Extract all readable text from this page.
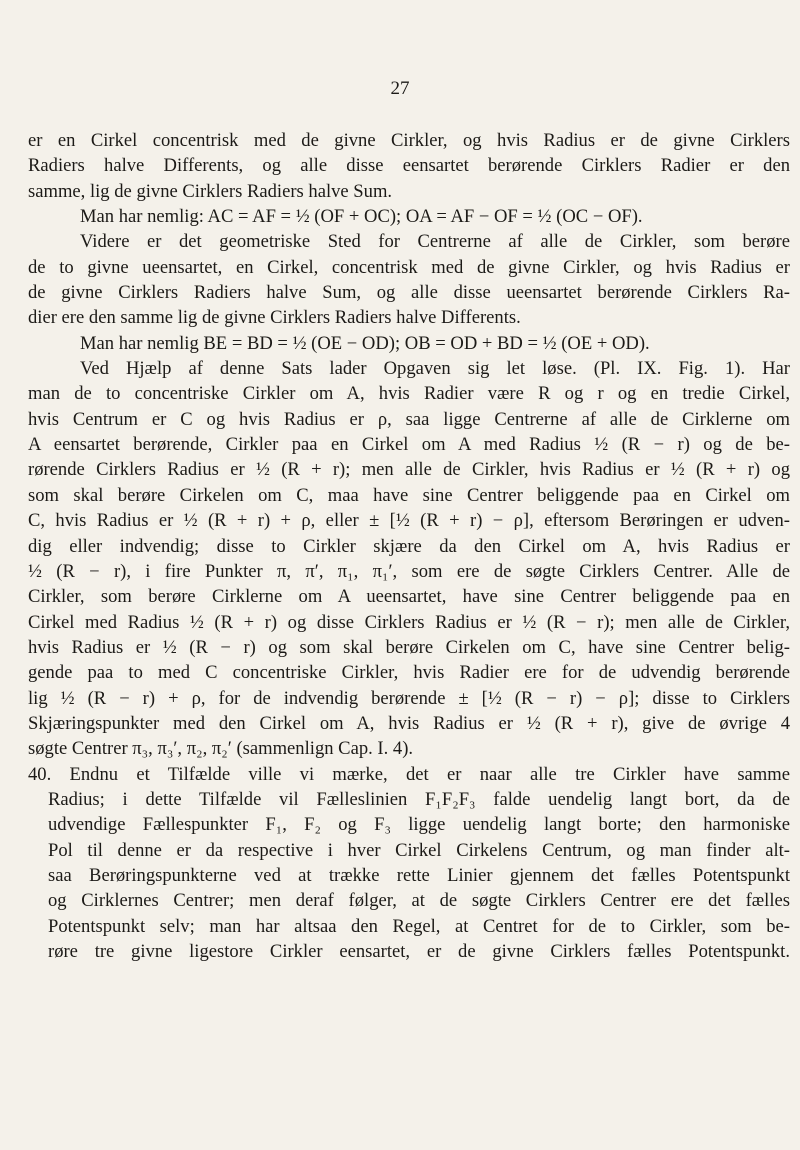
27
er en Cirkel concentrisk med de givne Cirkler, og hvis Radius er de givne Cirklers
Radiers halve Differents, og alle disse eensartet berørende Cirklers Radier er den
samme, lig de givne Cirklers Radiers halve Sum.
Man har nemlig: AC = AF = ½ (OF + OC); OA = AF − OF = ½ (OC − OF).
Videre er det geometriske Sted for Centrerne af alle de Cirkler, som berøre
de to givne ueensartet, en Cirkel, concentrisk med de givne Cirkler, og hvis Radius er
de givne Cirklers Radiers halve Sum, og alle disse ueensartet berørende Cirklers Ra-
dier ere den samme lig de givne Cirklers Radiers halve Differents.
Man har nemlig BE = BD = ½ (OE − OD); OB = OD + BD = ½ (OE + OD).
Ved Hjælp af denne Sats lader Opgaven sig let løse. (Pl. IX. Fig. 1). Har
man de to concentriske Cirkler om A, hvis Radier være R og r og en tredie Cirkel,
hvis Centrum er C og hvis Radius er ρ, saa ligge Centrerne af alle de Cirklerne om
A eensartet berørende, Cirkler paa en Cirkel om A med Radius ½ (R − r) og de be-
rørende Cirklers Radius er ½ (R + r); men alle de Cirkler, hvis Radius er ½ (R + r) og
som skal berøre Cirkelen om C, maa have sine Centrer beliggende paa en Cirkel om
C, hvis Radius er ½ (R + r) + ρ, eller ± [½ (R + r) − ρ], eftersom Berøringen er udven-
dig eller indvendig; disse to Cirkler skjære da den Cirkel om A, hvis Radius er
½ (R − r), i fire Punkter π, π′, π₁, π₁′, som ere de søgte Cirklers Centrer. Alle de
Cirkler, som berøre Cirklerne om A ueensartet, have sine Centrer beliggende paa en
Cirkel med Radius ½ (R + r) og disse Cirklers Radius er ½ (R − r); men alle de Cirkler,
hvis Radius er ½ (R − r) og som skal berøre Cirkelen om C, have sine Centrer belig-
gende paa to med C concentriske Cirkler, hvis Radier ere for de udvendig berørende
lig ½ (R − r) + ρ, for de indvendig berørende ± [½ (R − r) − ρ]; disse to Cirklers
Skjæringspunkter med den Cirkel om A, hvis Radius er ½ (R + r), give de øvrige 4
søgte Centrer π₃, π₃′, π₂, π₂′ (sammenlign Cap. I. 4).
40. Endnu et Tilfælde ville vi mærke, det er naar alle tre Cirkler have samme
Radius; i dette Tilfælde vil Fælleslinien F₁F₂F₃ falde uendelig langt bort, da de
udvendige Fællespunkter F₁, F₂ og F₃ ligge uendelig langt borte; den harmoniske
Pol til denne er da respective i hver Cirkel Cirkelens Centrum, og man finder alt-
saa Berøringspunkterne ved at trække rette Linier gjennem det fælles Potentspunkt
og Cirklernes Centrer; men deraf følger, at de søgte Cirklers Centrer ere det fælles
Potentspunkt selv; man har altsaa den Regel, at Centret for de to Cirkler, som be-
røre tre givne ligestore Cirkler eensartet, er de givne Cirklers fælles Potentspunkt.
